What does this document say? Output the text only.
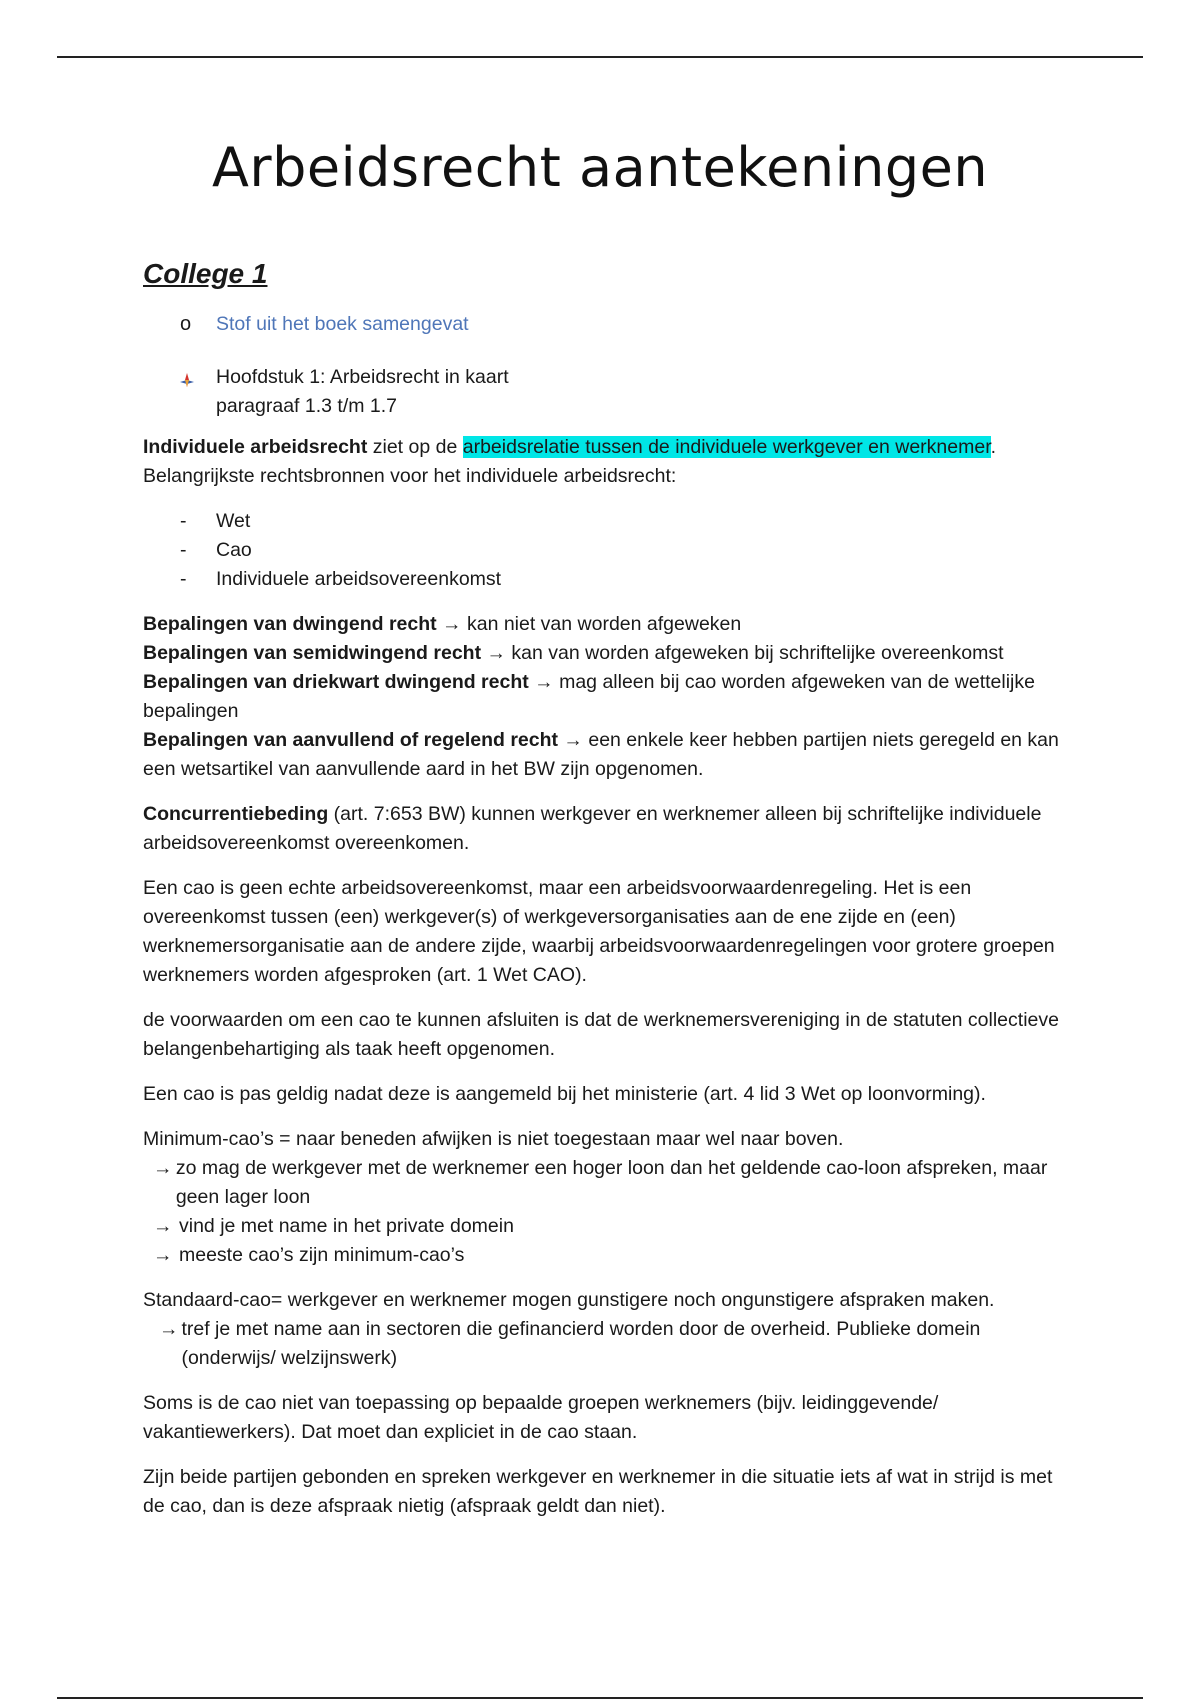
Arbeidsrecht aantekeningen
College 1
o	Stof uit het boek samengevat
Hoofdstuk 1: Arbeidsrecht in kaart
paragraaf 1.3 t/m 1.7

Individuele arbeidsrecht ziet op de arbeidsrelatie tussen de individuele werkgever en werknemer.
Belangrijkste rechtsbronnen voor het individuele arbeidsrecht:

-	Wet
-	Cao
-	Individuele arbeidsovereenkomst

Bepalingen van dwingend recht → kan niet van worden afgeweken

Bepalingen van semidwingend recht → kan van worden afgeweken bij schriftelijke overeenkomst

Bepalingen van driekwart dwingend recht → mag alleen bij cao worden afgeweken van de wettelijke bepalingen

Bepalingen van aanvullend of regelend recht → een enkele keer hebben partijen niets geregeld en kan een wetsartikel van aanvullende aard in het BW zijn opgenomen.

Concurrentiebeding (art. 7:653 BW) kunnen werkgever en werknemer alleen bij schriftelijke individuele arbeidsovereenkomst overeenkomen.

Een cao is geen echte arbeidsovereenkomst, maar een arbeidsvoorwaardenregeling. Het is een overeenkomst tussen (een) werkgever(s) of werkgeversorganisaties aan de ene zijde en (een) werknemersorganisatie aan de andere zijde, waarbij arbeidsvoorwaardenregelingen voor grotere groepen werknemers worden afgesproken (art. 1 Wet CAO).

de voorwaarden om een cao te kunnen afsluiten is dat de werknemersvereniging in de statuten collectieve belangenbehartiging als taak heeft opgenomen.

Een cao is pas geldig nadat deze is aangemeld bij het ministerie (art. 4 lid 3 Wet op loonvorming).

Minimum-cao’s = naar beneden afwijken is niet toegestaan maar wel naar boven.
→ zo mag de werkgever met de werknemer een hoger loon dan het geldende cao-loon afspreken, maar geen lager loon
→ vind je met name in het private domein
→ meeste cao’s zijn minimum-cao’s
Standaard-cao= werkgever en werknemer mogen gunstigere noch ongunstigere afspraken maken.
→ tref je met name aan in sectoren die gefinancierd worden door de overheid. Publieke domein (onderwijs/ welzijnswerk)

Soms is de cao niet van toepassing op bepaalde groepen werknemers (bijv. leidinggevende/ vakantiewerkers). Dat moet dan expliciet in de cao staan.

Zijn beide partijen gebonden en spreken werkgever en werknemer in die situatie iets af wat in strijd is met de cao, dan is deze afspraak nietig (afspraak geldt dan niet).
